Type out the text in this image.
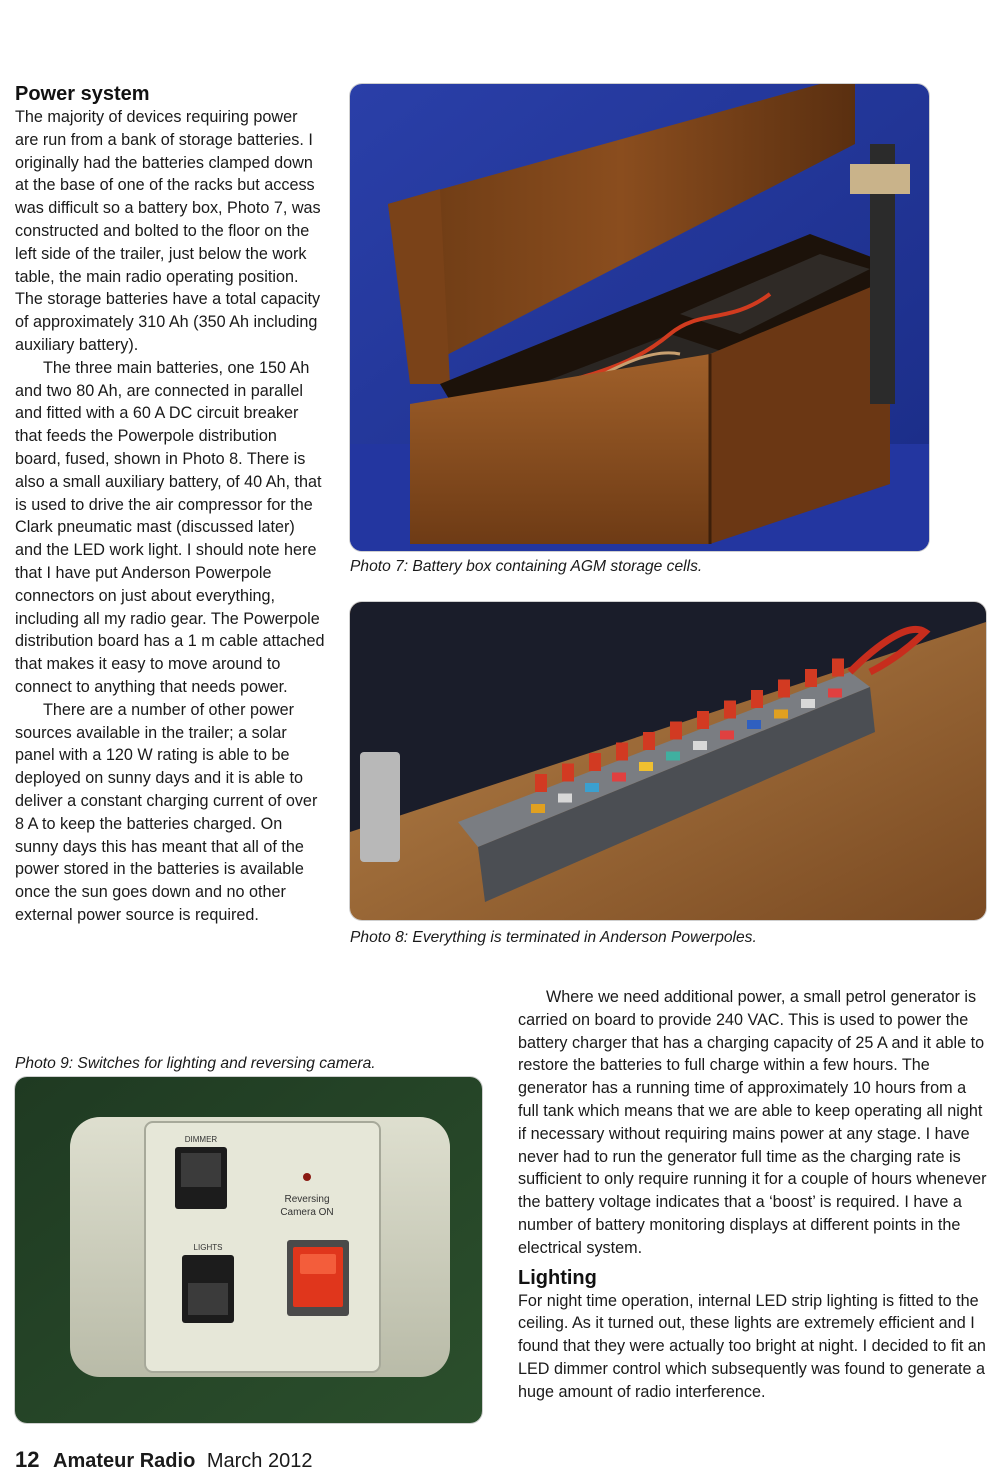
Power system

The majority of devices requiring power are run from a bank of storage batteries. I originally had the batteries clamped down at the base of one of the racks but access was difficult so a battery box, Photo 7, was constructed and bolted to the floor on the left side of the trailer, just below the work table, the main radio operating position. The storage batteries have a total capacity of approximately 310 Ah (350 Ah including auxiliary battery).

The three main batteries, one 150 Ah and two 80 Ah, are connected in parallel and fitted with a 60 A DC circuit breaker that feeds the Powerpole distribution board, fused, shown in Photo 8. There is also a small auxiliary battery, of 40 Ah, that is used to drive the air compressor for the Clark pneumatic mast (discussed later) and the LED work light. I should note here that I have put Anderson Powerpole connectors on just about everything, including all my radio gear. The Powerpole distribution board has a 1 m cable attached that makes it easy to move around to connect to anything that needs power.

There are a number of other power sources available in the trailer; a solar panel with a 120 W rating is able to be deployed on sunny days and it is able to deliver a constant charging current of over 8 A to keep the batteries charged. On sunny days this has meant that all of the power stored in the batteries is available once the sun goes down and no other external power source is required.

Photo 7: Battery box containing AGM storage cells.
Photo 8: Everything is terminated in Anderson Powerpoles.
Photo 9: Switches for lighting and reversing camera.
DIMMER
LIGHTS
Reversing
Camera ON

Where we need additional power, a small petrol generator is carried on board to provide 240 VAC. This is used to power the battery charger that has a charging capacity of 25 A and it able to restore the batteries to full charge within a few hours. The generator has a running time of approximately 10 hours from a full tank which means that we are able to keep operating all night if necessary without requiring mains power at any stage. I have never had to run the generator full time as the charging rate is sufficient to only require running it for a couple of hours whenever the battery voltage indicates that a ‘boost’ is required. I have a number of battery monitoring displays at different points in the electrical system.

Lighting

For night time operation, internal LED strip lighting is fitted to the ceiling. As it turned out, these lights are extremely efficient and I found that they were actually too bright at night. I decided to fit an LED dimmer control which subsequently was found to generate a huge amount of radio interference.

12 Amateur Radio March 2012
